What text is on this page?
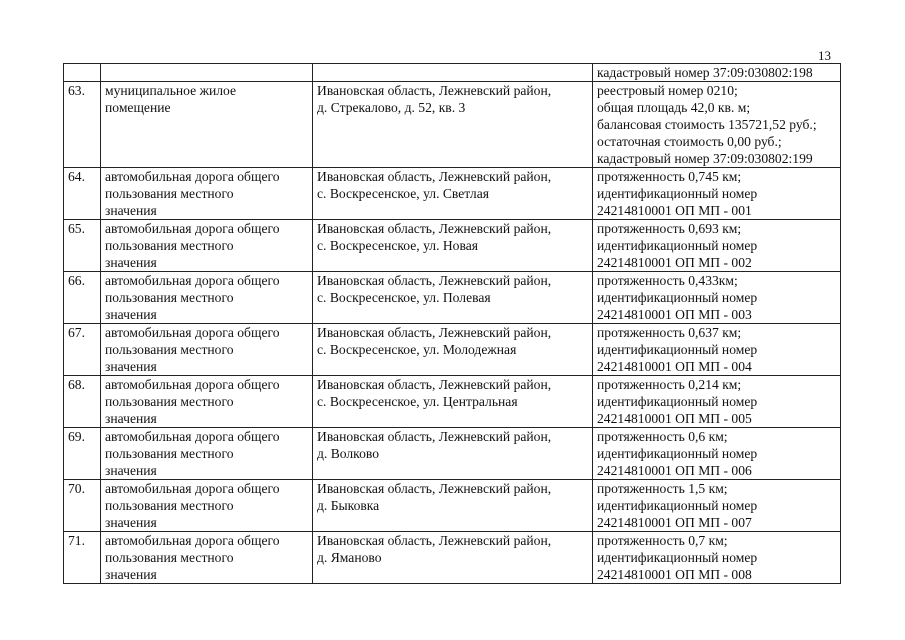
13

			кадастровый номер 37:09:030802:198

63.	муниципальное жилое
помещение	Ивановская область, Лежневский район,
д. Стрекалово, д. 52, кв. 3	реестровый номер 0210;
общая площадь 42,0 кв. м;
балансовая стоимость 135721,52 руб.;
остаточная стоимость 0,00 руб.;
кадастровый номер 37:09:030802:199

64.	автомобильная дорога общего
пользования местного
значения	Ивановская область, Лежневский район,
с. Воскресенское, ул. Светлая	протяженность 0,745 км;
идентификационный номер
24214810001 ОП МП - 001

65.	автомобильная дорога общего
пользования местного
значения	Ивановская область, Лежневский район,
с. Воскресенское, ул. Новая	протяженность 0,693 км;
идентификационный номер
24214810001 ОП МП - 002

66.	автомобильная дорога общего
пользования местного
значения	Ивановская область, Лежневский район,
с. Воскресенское, ул. Полевая	протяженность 0,433км;
идентификационный номер
24214810001 ОП МП - 003

67.	автомобильная дорога общего
пользования местного
значения	Ивановская область, Лежневский район,
с. Воскресенское, ул. Молодежная	протяженность 0,637 км;
идентификационный номер
24214810001 ОП МП - 004

68.	автомобильная дорога общего
пользования местного
значения	Ивановская область, Лежневский район,
с. Воскресенское, ул. Центральная	протяженность 0,214 км;
идентификационный номер
24214810001 ОП МП - 005

69.	автомобильная дорога общего
пользования местного
значения	Ивановская область, Лежневский район,
д. Волково	протяженность 0,6 км;
идентификационный номер
24214810001 ОП МП - 006

70.	автомобильная дорога общего
пользования местного
значения	Ивановская область, Лежневский район,
д. Быковка	протяженность 1,5 км;
идентификационный номер
24214810001 ОП МП - 007

71.	автомобильная дорога общего
пользования местного
значения	Ивановская область, Лежневский район,
д. Яманово	протяженность 0,7 км;
идентификационный номер
24214810001 ОП МП - 008
